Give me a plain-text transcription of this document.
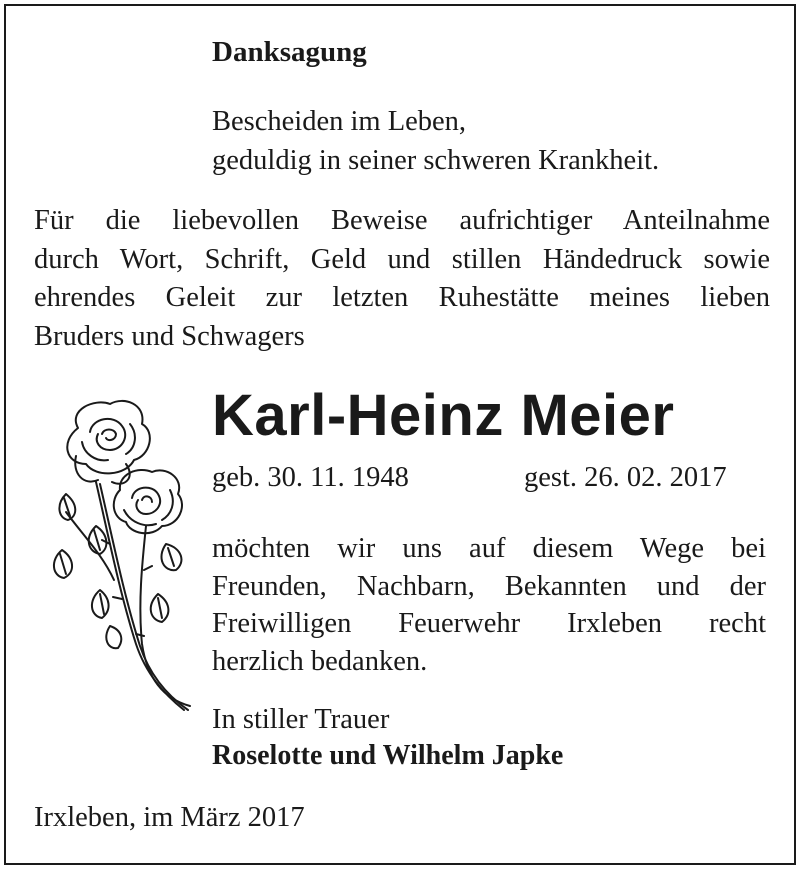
Danksagung
Bescheiden im Leben,
geduldig in seiner schweren Krankheit.
Für die liebevollen Beweise aufrichtiger Anteilnahme
durch Wort, Schrift, Geld und stillen Händedruck sowie
ehrendes Geleit zur letzten Ruhestätte meines lieben
Bruders und Schwagers
Karl-Heinz Meier
geb. 30. 11. 1948	gest. 26. 02. 2017
möchten wir uns auf diesem Wege bei
Freunden, Nachbarn, Bekannten und der
Freiwilligen Feuerwehr Irxleben recht
herzlich bedanken.
In stiller Trauer
Roselotte und Wilhelm Japke
Irxleben, im März 2017
